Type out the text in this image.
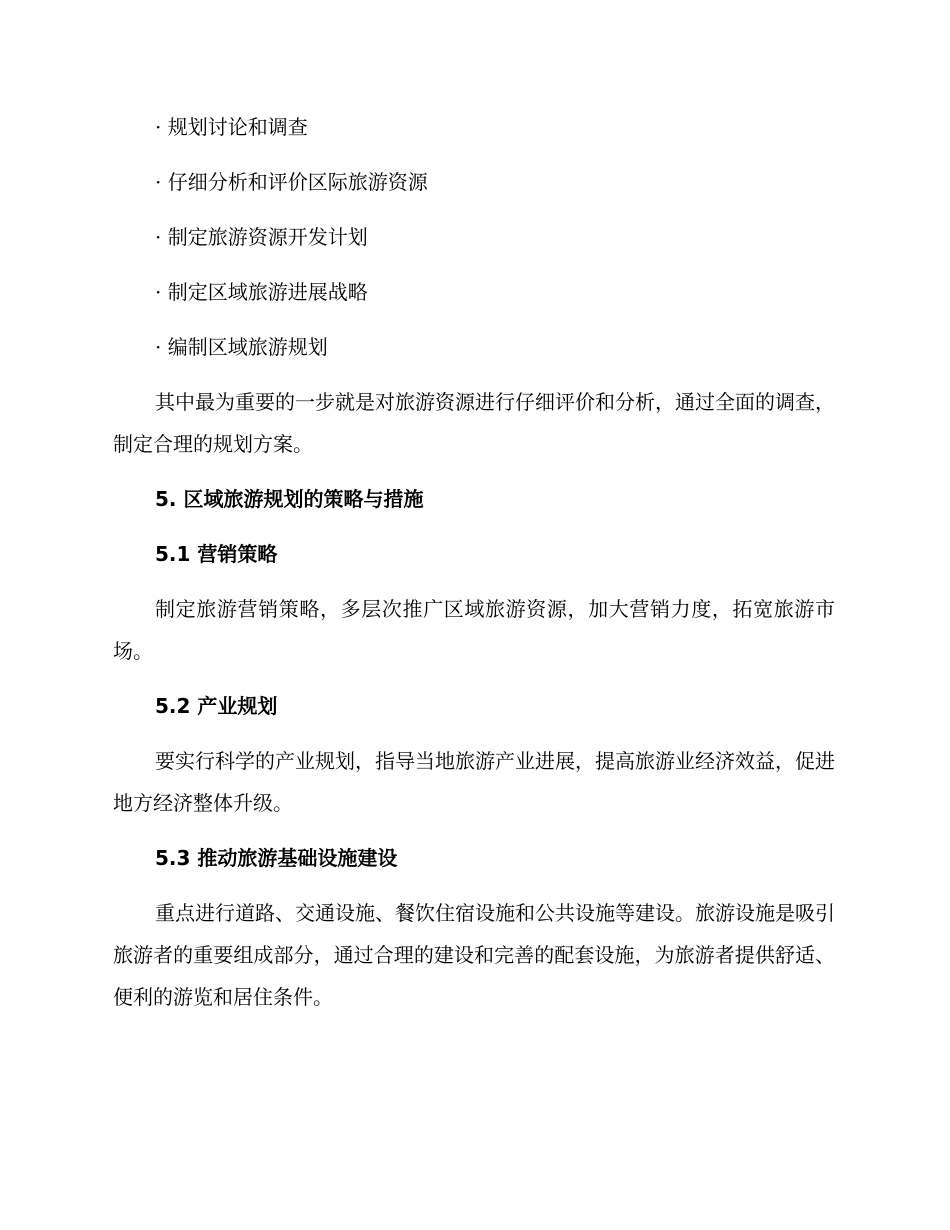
· 规划讨论和调查
· 仔细分析和评价区际旅游资源
· 制定旅游资源开发计划
· 制定区域旅游进展战略
· 编制区域旅游规划

其中最为重要的一步就是对旅游资源进行仔细评价和分析，通过全面的调查，制定合理的规划方案。

5. 区域旅游规划的策略与措施
5.1 营销策略

制定旅游营销策略，多层次推广区域旅游资源，加大营销力度，拓宽旅游市场。

5.2 产业规划

要实行科学的产业规划，指导当地旅游产业进展，提高旅游业经济效益，促进地方经济整体升级。

5.3 推动旅游基础设施建设

重点进行道路、交通设施、餐饮住宿设施和公共设施等建设。旅游设施是吸引旅游者的重要组成部分，通过合理的建设和完善的配套设施，为旅游者提供舒适、便利的游览和居住条件。
